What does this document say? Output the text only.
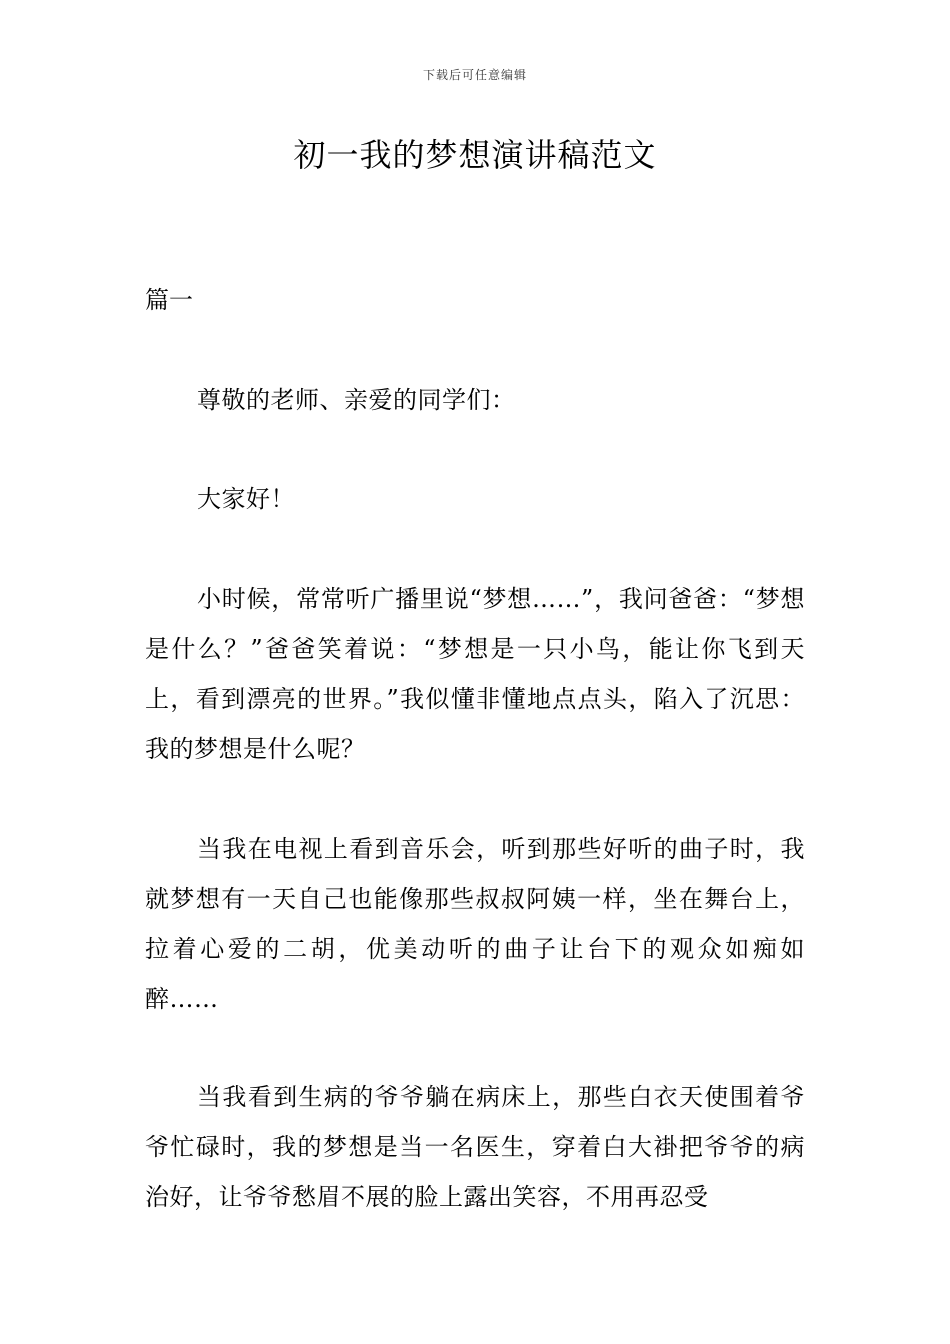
下载后可任意编辑
初一我的梦想演讲稿范文
篇一

尊敬的老师、亲爱的同学们：

大家好！

小时候，常常听广播里说“梦想……”，我问爸爸：“梦想是什么？”爸爸笑着说：“梦想是一只小鸟，能让你飞到天上，看到漂亮的世界。”我似懂非懂地点点头，陷入了沉思：我的梦想是什么呢？

当我在电视上看到音乐会，听到那些好听的曲子时，我就梦想有一天自己也能像那些叔叔阿姨一样，坐在舞台上，拉着心爱的二胡，优美动听的曲子让台下的观众如痴如醉……

当我看到生病的爷爷躺在病床上，那些白衣天使围着爷爷忙碌时，我的梦想是当一名医生，穿着白大褂把爷爷的病治好，让爷爷愁眉不展的脸上露出笑容，不用再忍受
